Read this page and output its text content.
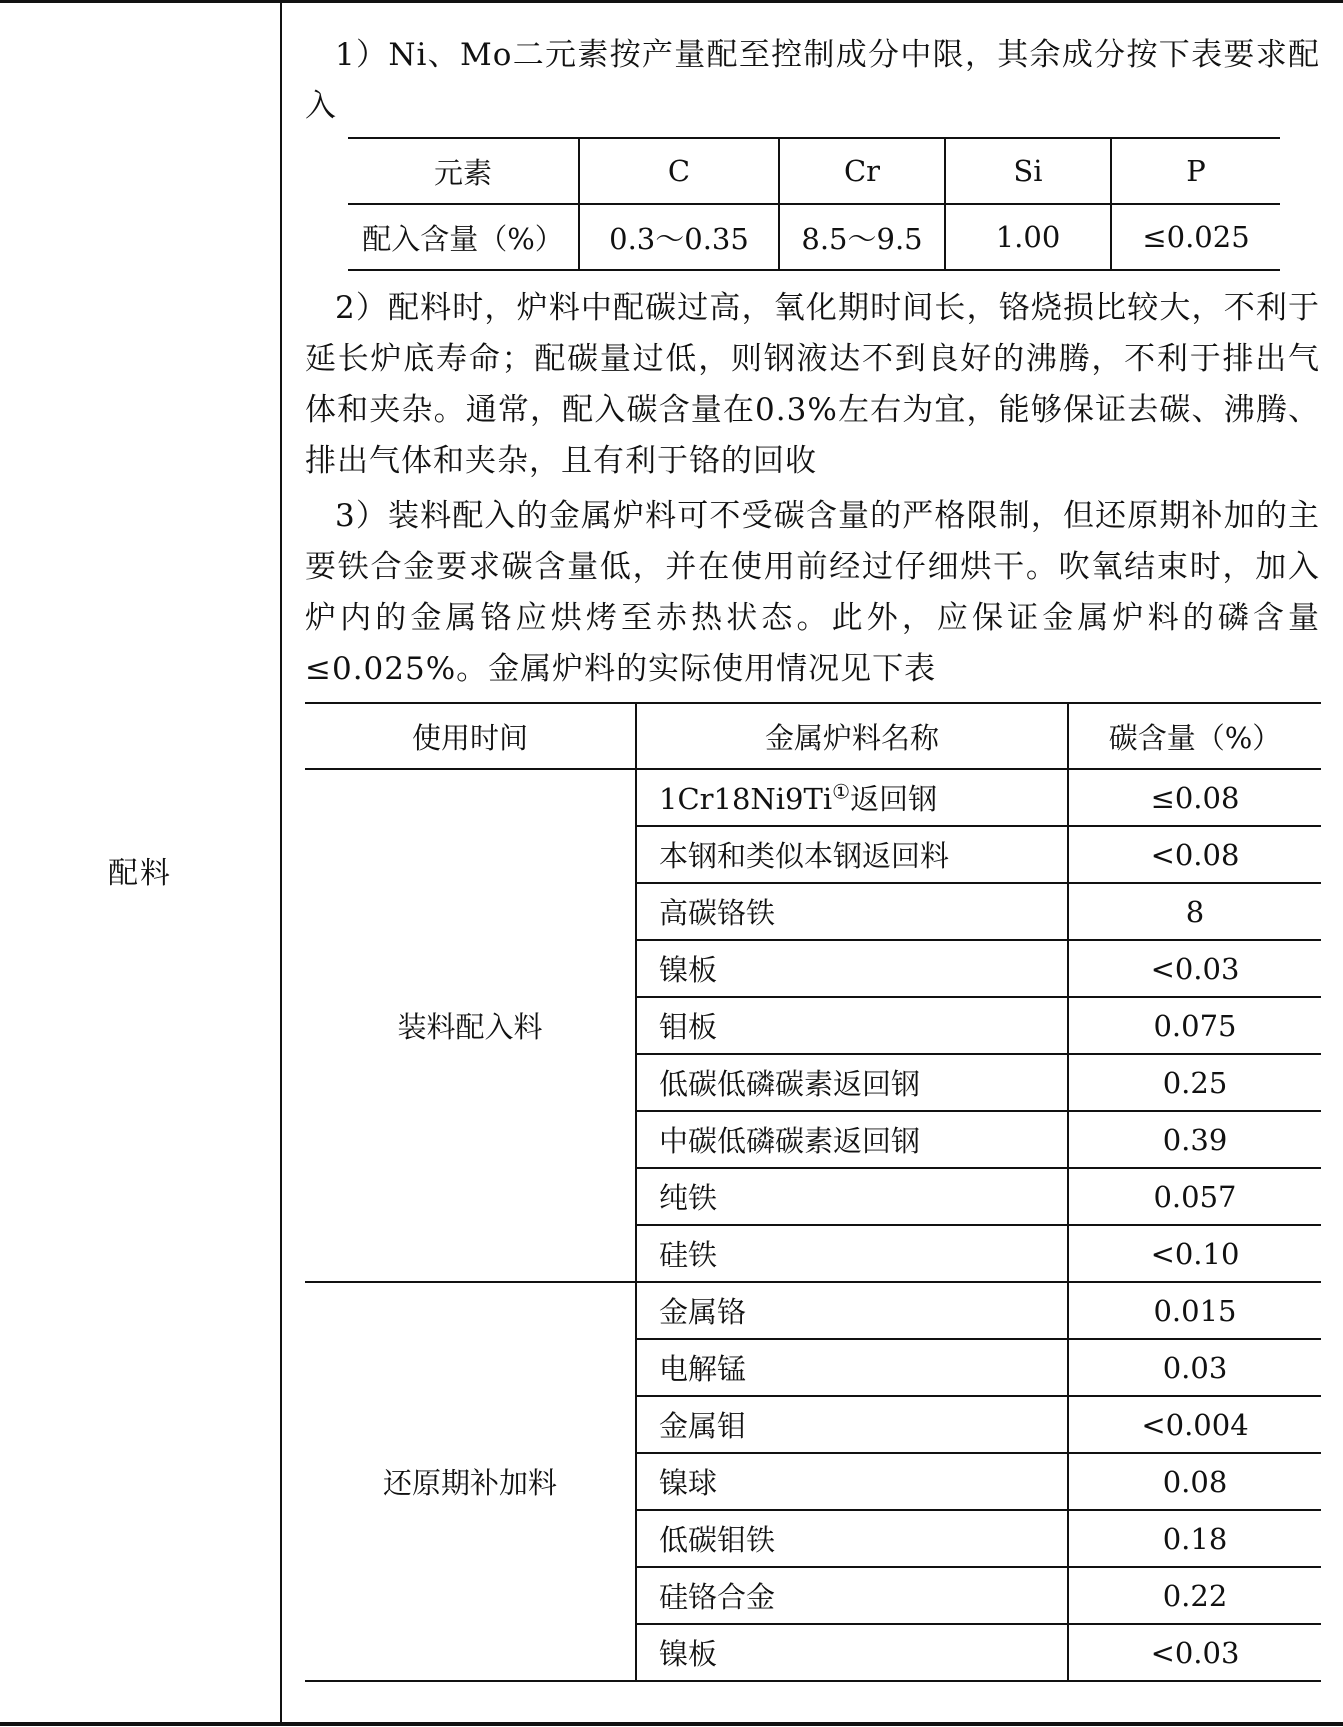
配料

1）Ni、Mo二元素按产量配至控制成分中限，其余成分按下表要求配入

元素	C	Cr	Si	P
配入含量（%）	0.3～0.35	8.5～9.5	1.00	≤0.025

2）配料时，炉料中配碳过高，氧化期时间长，铬烧损比较大，不利于延长炉底寿命；配碳量过低，则钢液达不到良好的沸腾，不利于排出气体和夹杂。通常，配入碳含量在0.3%左右为宜，能够保证去碳、沸腾、排出气体和夹杂，且有利于铬的回收

3）装料配入的金属炉料可不受碳含量的严格限制，但还原期补加的主要铁合金要求碳含量低，并在使用前经过仔细烘干。吹氧结束时，加入炉内的金属铬应烘烤至赤热状态。此外，应保证金属炉料的磷含量≤0.025%。金属炉料的实际使用情况见下表

使用时间	金属炉料名称	碳含量（%）
装料配入料	1Cr18Ni9Ti①返回钢	≤0.08
	本钢和类似本钢返回料	<0.08
	高碳铬铁	8
	镍板	<0.03
	钼板	0.075
	低碳低磷碳素返回钢	0.25
	中碳低磷碳素返回钢	0.39
	纯铁	0.057
	硅铁	<0.10
还原期补加料	金属铬	0.015
	电解锰	0.03
	金属钼	<0.004
	镍球	0.08
	低碳钼铁	0.18
	硅铬合金	0.22
	镍板	<0.03
